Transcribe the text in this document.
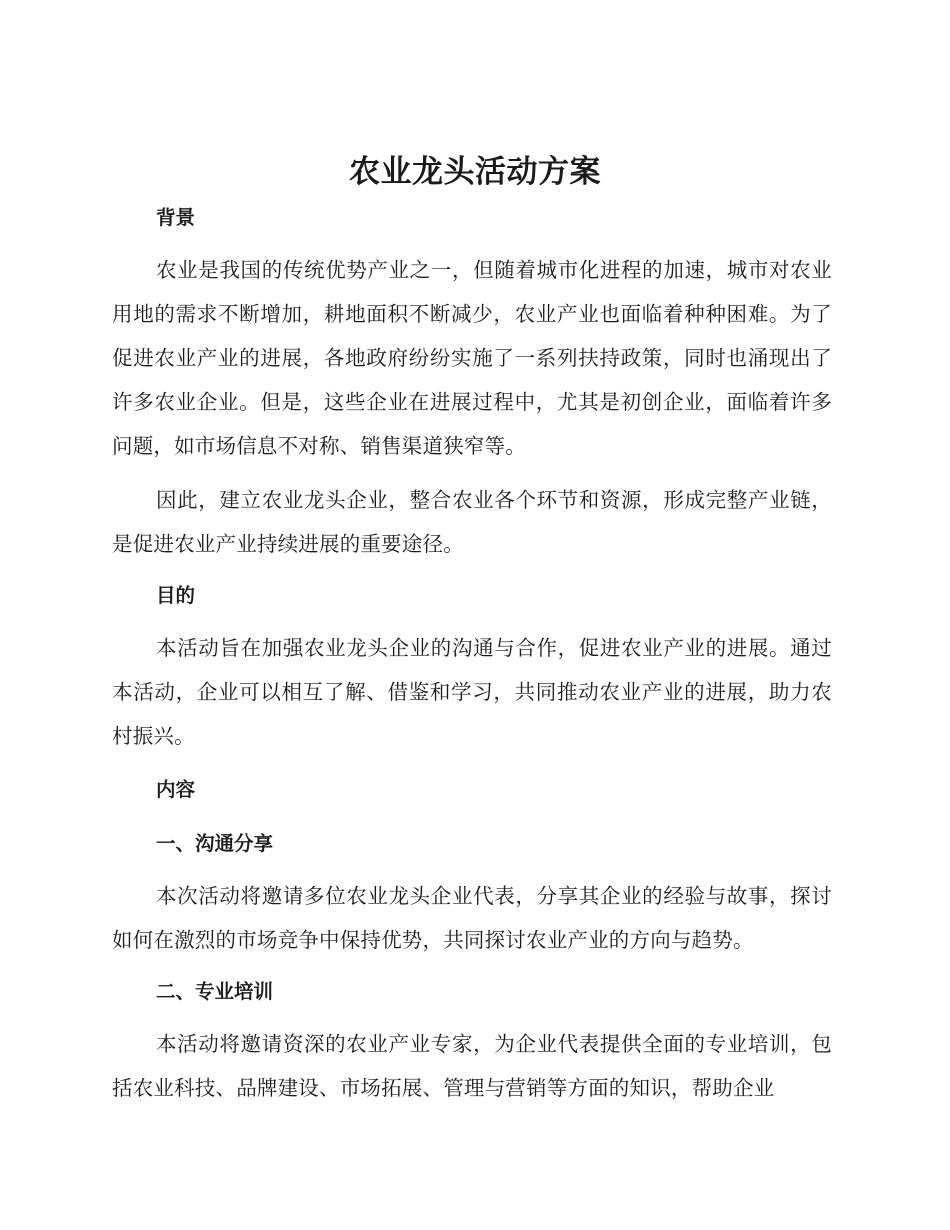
农业龙头活动方案

背景

农业是我国的传统优势产业之一，但随着城市化进程的加速，城市对农业用地的需求不断增加，耕地面积不断减少，农业产业也面临着种种困难。为了促进农业产业的进展，各地政府纷纷实施了一系列扶持政策，同时也涌现出了许多农业企业。但是，这些企业在进展过程中，尤其是初创企业，面临着许多问题，如市场信息不对称、销售渠道狭窄等。

因此，建立农业龙头企业，整合农业各个环节和资源，形成完整产业链，是促进农业产业持续进展的重要途径。

目的

本活动旨在加强农业龙头企业的沟通与合作，促进农业产业的进展。通过本活动，企业可以相互了解、借鉴和学习，共同推动农业产业的进展，助力农村振兴。

内容

一、沟通分享

本次活动将邀请多位农业龙头企业代表，分享其企业的经验与故事，探讨如何在激烈的市场竞争中保持优势，共同探讨农业产业的方向与趋势。

二、专业培训

本活动将邀请资深的农业产业专家，为企业代表提供全面的专业培训，包括农业科技、品牌建设、市场拓展、管理与营销等方面的知识，帮助企业
